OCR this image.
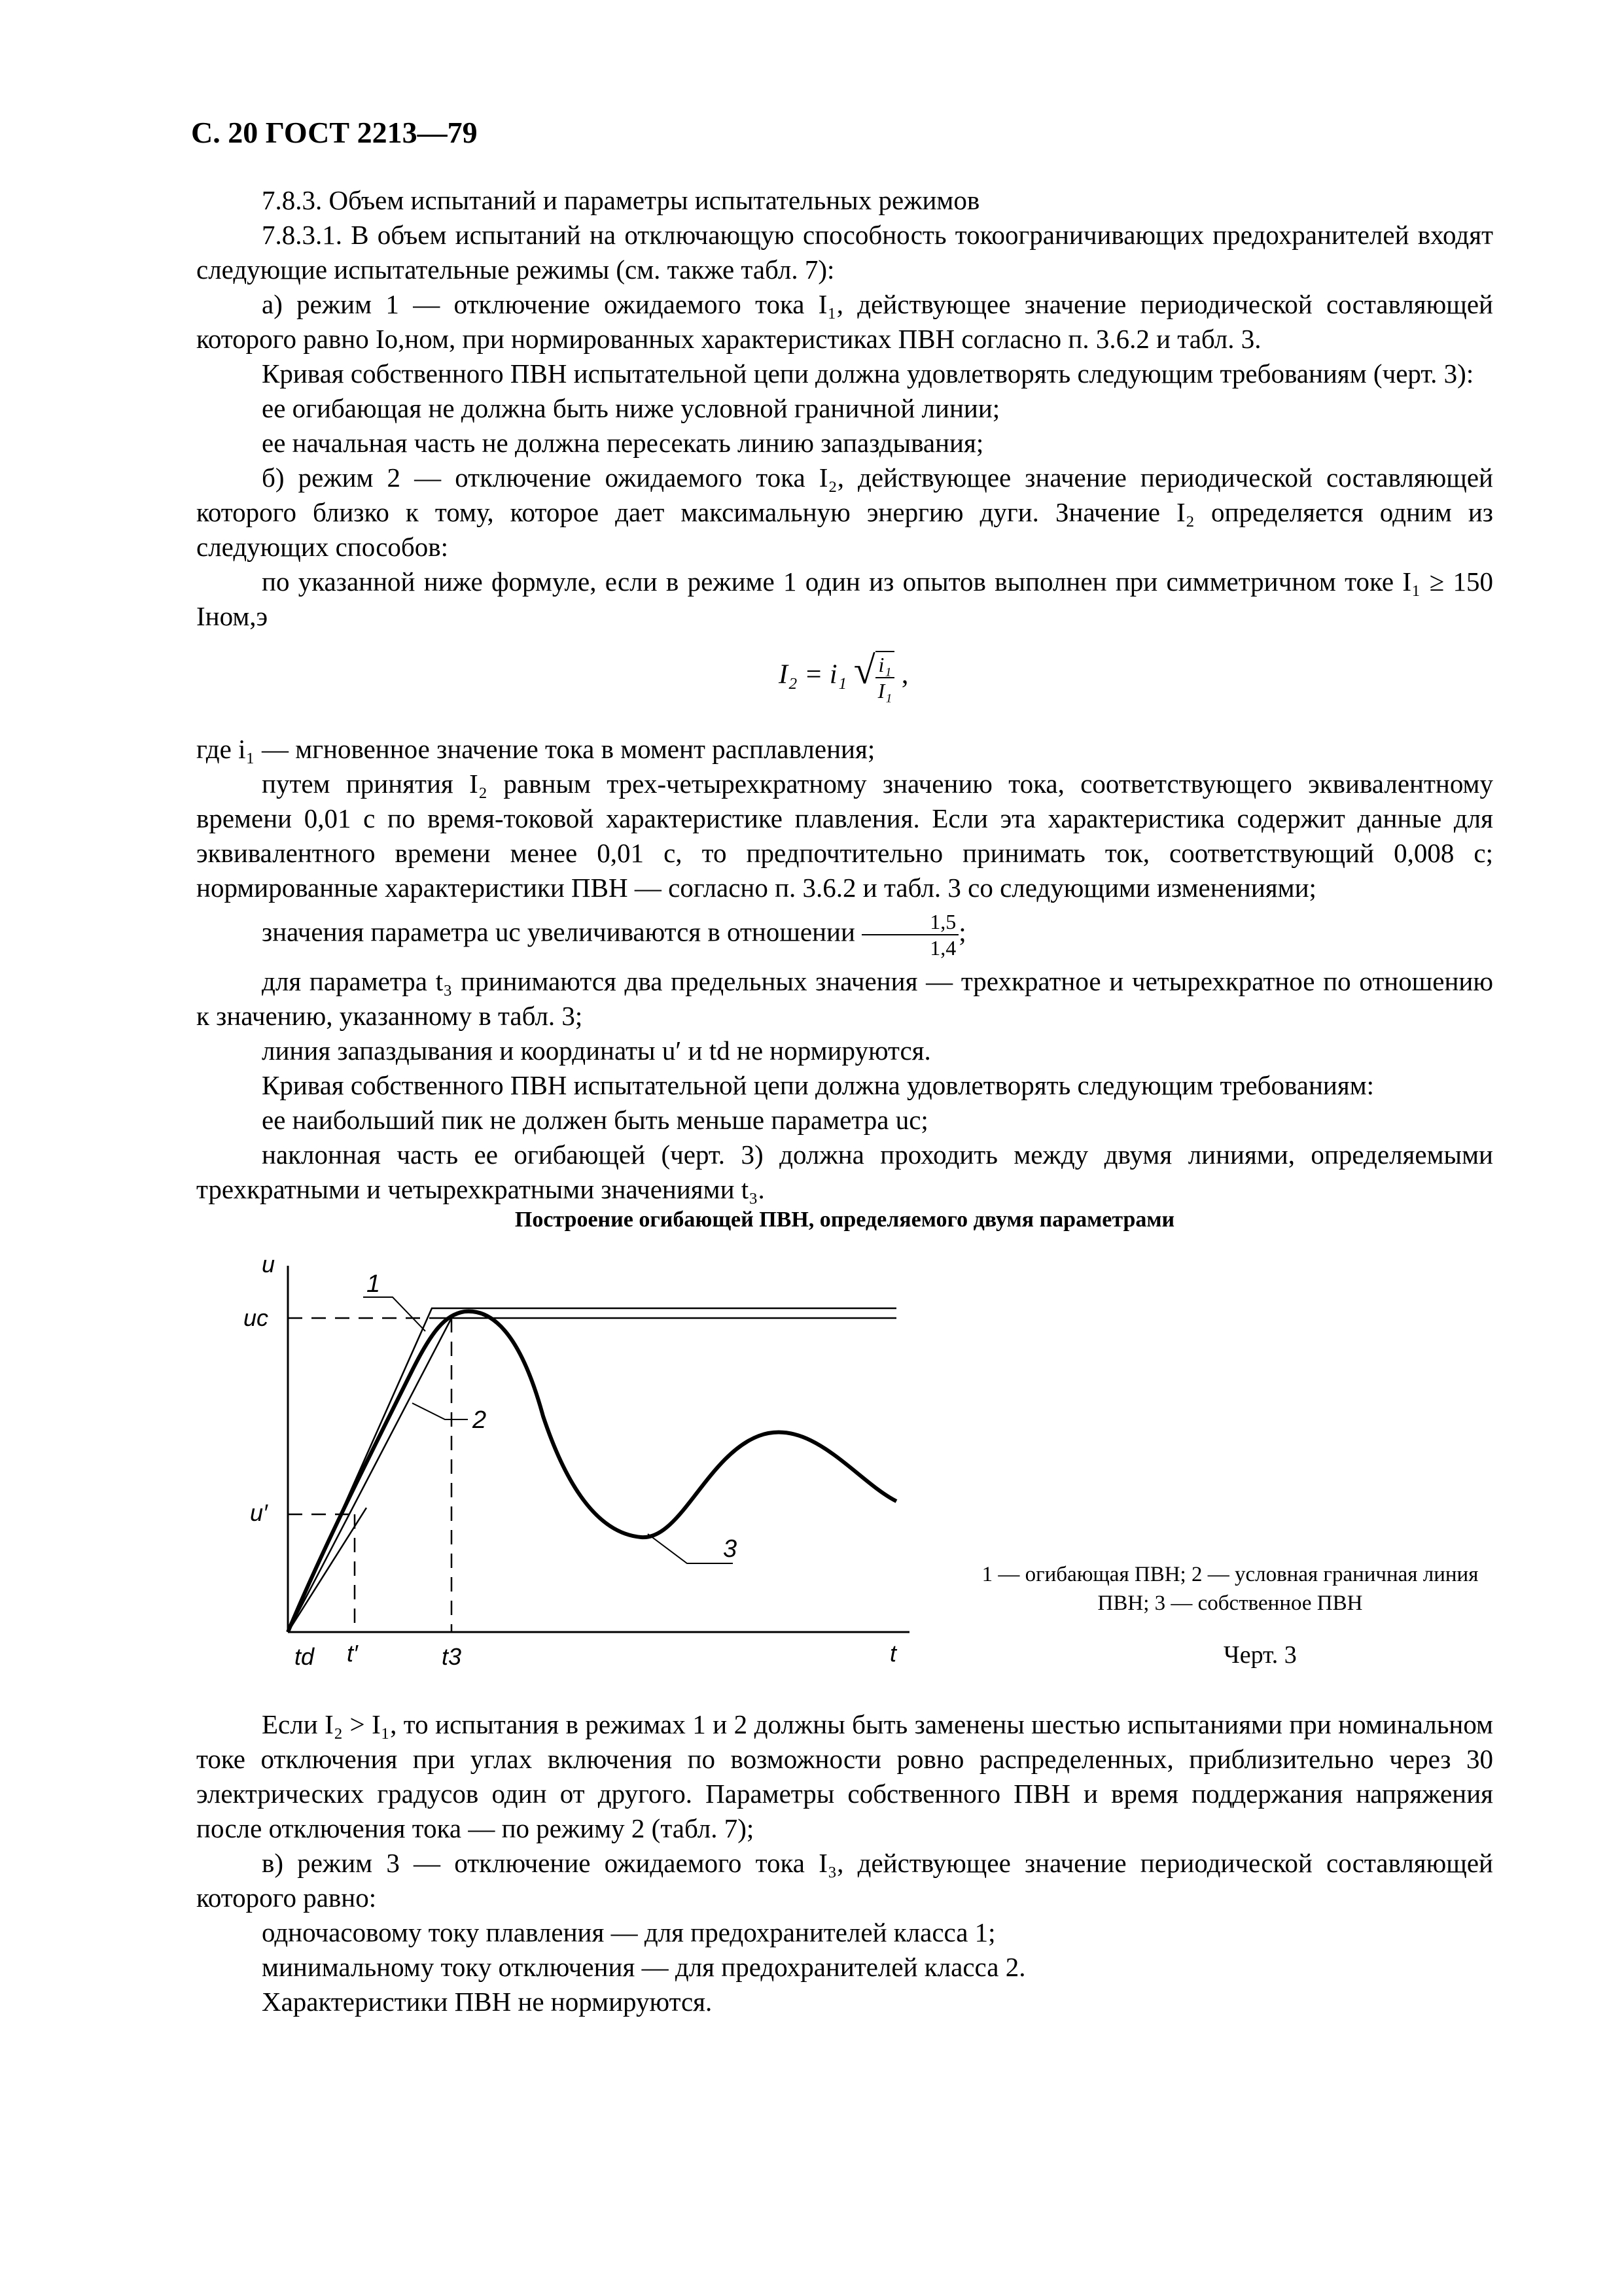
С. 20 ГОСТ 2213—79

7.8.3. Объем испытаний и параметры испытательных режимов

7.8.3.1. В объем испытаний на отключающую способность токоограничивающих предохранителей входят следующие испытательные режимы (см. также табл. 7):

а) режим 1 — отключение ожидаемого тока I₁, действующее значение периодической составляющей которого равно Iо,ном, при нормированных характеристиках ПВН согласно п. 3.6.2 и табл. 3.

Кривая собственного ПВН испытательной цепи должна удовлетворять следующим требованиям (черт. 3):

ее огибающая не должна быть ниже условной граничной линии;

ее начальная часть не должна пересекать линию запаздывания;

б) режим 2 — отключение ожидаемого тока I₂, действующее значение периодической составляющей которого близко к тому, которое дает максимальную энергию дуги. Значение I₂ определяется одним из следующих способов:

по указанной ниже формуле, если в режиме 1 один из опытов выполнен при симметричном токе I₁ ≥ 150 Iном,э

I₂ = i₁ √ $\frac{\text{i₁}}{\text{I₁}}$ ,

где i₁ — мгновенное значение тока в момент расплавления;

путем принятия I₂ равным трех-четырехкратному значению тока, соответствующего эквивалентному времени 0,01 с по время-токовой характеристике плавления. Если эта характеристика содержит данные для эквивалентного времени менее 0,01 с, то предпочтительно принимать ток, соответствующий 0,008 с; нормированные характеристики ПВН — согласно п. 3.6.2 и табл. 3 со следующими изменениями;

значения параметра uс увеличиваются в отношении $\frac{1,5}{1,4}$ ;

для параметра t₃ принимаются два предельных значения — трехкратное и четырехкратное по отношению к значению, указанному в табл. 3;

линия запаздывания и координаты u′ и td не нормируются.

Кривая собственного ПВН испытательной цепи должна удовлетворять следующим требованиям:

ее наибольший пик не должен быть меньше параметра uс;

наклонная часть ее огибающей (черт. 3) должна проходить между двумя линиями, определяемыми трехкратными и четырехкратными значениями t₃.

Построение огибающей ПВН, определяемого двумя параметрами
u
uc
u′
td t′	t3	t
1
2
3
1 — огибающая ПВН; 2 — условная граничная линия ПВН; 3 — собственное ПВН
Черт. 3

Если I₂ > I₁, то испытания в режимах 1 и 2 должны быть заменены шестью испытаниями при номинальном токе отключения при углах включения по возможности ровно распределенных, приблизительно через 30 электрических градусов один от другого. Параметры собственного ПВН и время поддержания напряжения после отключения тока — по режиму 2 (табл. 7);

в) режим 3 — отключение ожидаемого тока I₃, действующее значение периодической составляющей которого равно:

одночасовому току плавления — для предохранителей класса 1;

минимальному току отключения — для предохранителей класса 2.

Характеристики ПВН не нормируются.
